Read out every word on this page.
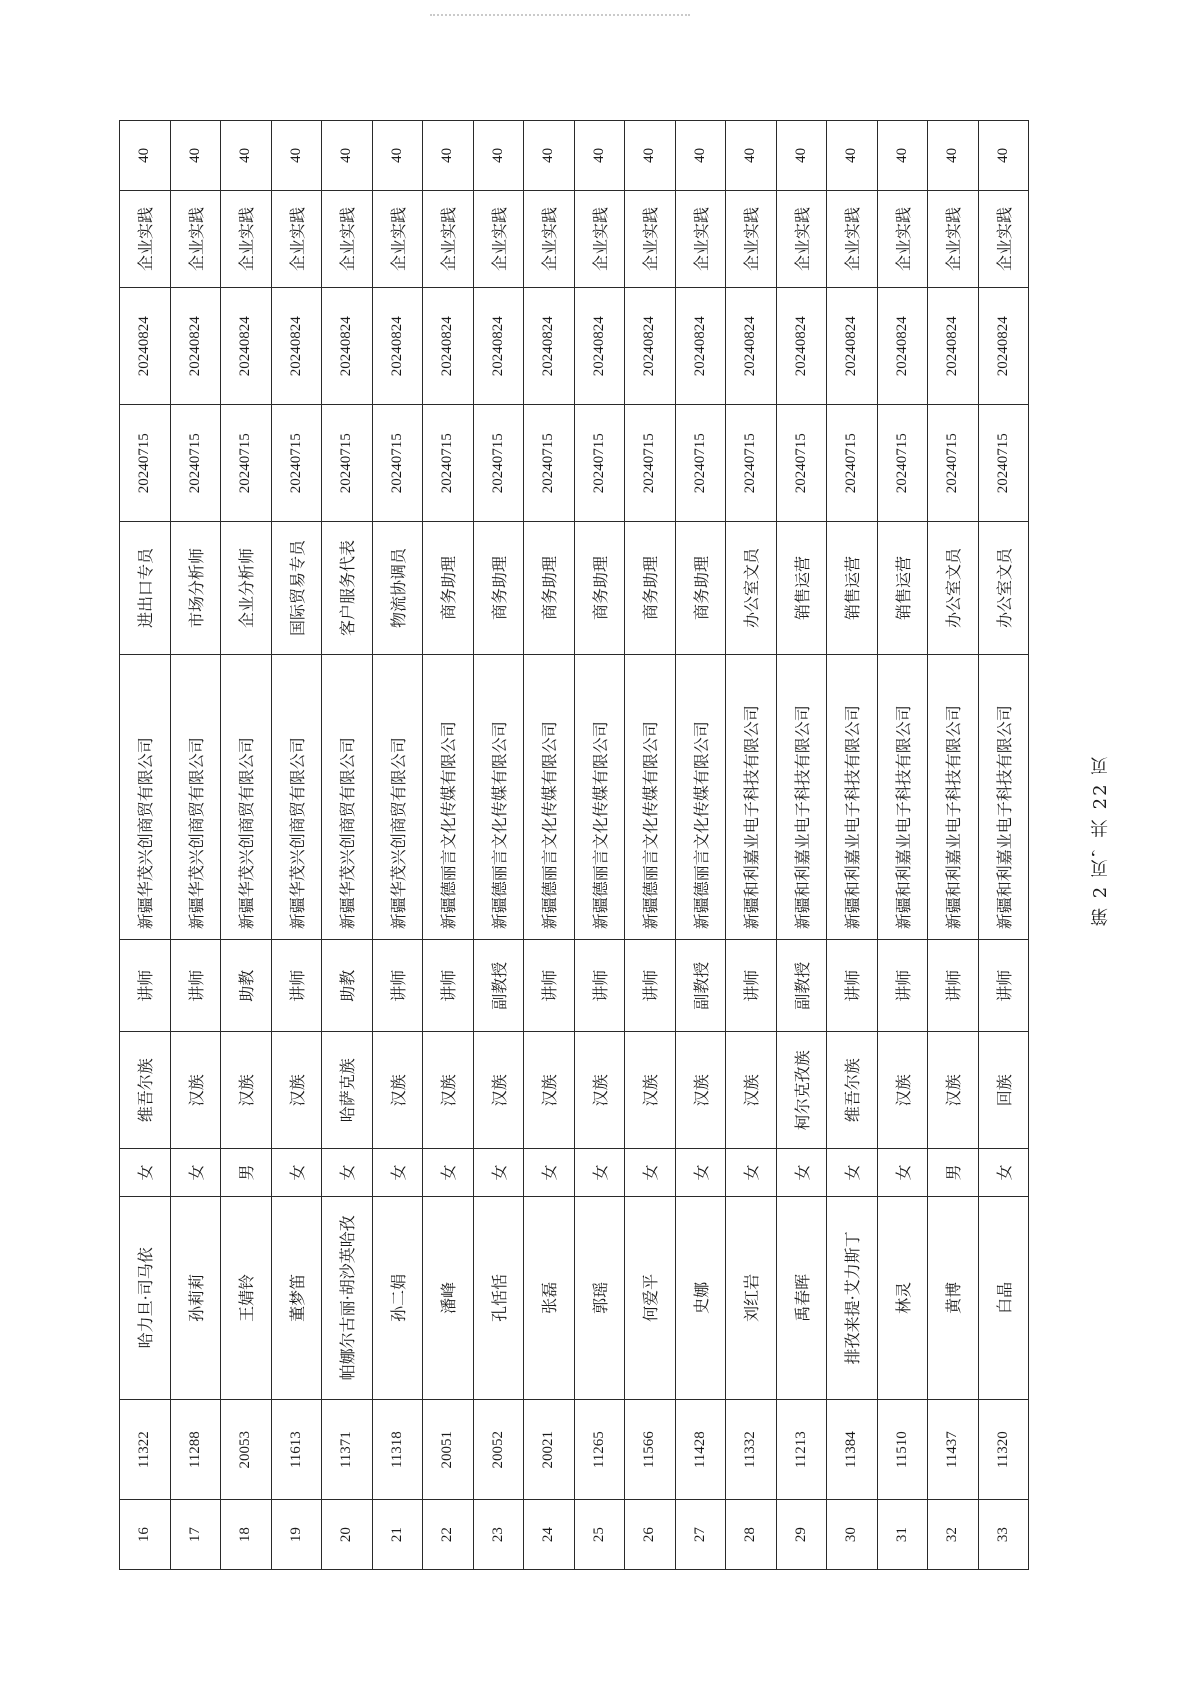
16	11322	哈力旦·司马依	女	维吾尔族	讲师	新疆华茂兴创商贸有限公司	进出口专员	20240715	20240824	企业实践	40
17	11288	孙莉莉	女	汉族	讲师	新疆华茂兴创商贸有限公司	市场分析师	20240715	20240824	企业实践	40
18	20053	王婧铃	男	汉族	助教	新疆华茂兴创商贸有限公司	企业分析师	20240715	20240824	企业实践	40
19	11613	董梦笛	女	汉族	讲师	新疆华茂兴创商贸有限公司	国际贸易专员	20240715	20240824	企业实践	40
20	11371	帕娜尔古丽·胡沙英哈孜	女	哈萨克族	助教	新疆华茂兴创商贸有限公司	客户服务代表	20240715	20240824	企业实践	40
21	11318	孙二娟	女	汉族	讲师	新疆华茂兴创商贸有限公司	物流协调员	20240715	20240824	企业实践	40
22	20051	潘峰	女	汉族	讲师	新疆德丽言文化传媒有限公司	商务助理	20240715	20240824	企业实践	40
23	20052	孔恬恬	女	汉族	副教授	新疆德丽言文化传媒有限公司	商务助理	20240715	20240824	企业实践	40
24	20021	张磊	女	汉族	讲师	新疆德丽言文化传媒有限公司	商务助理	20240715	20240824	企业实践	40
25	11265	郭瑶	女	汉族	讲师	新疆德丽言文化传媒有限公司	商务助理	20240715	20240824	企业实践	40
26	11566	何爱平	女	汉族	讲师	新疆德丽言文化传媒有限公司	商务助理	20240715	20240824	企业实践	40
27	11428	史娜	女	汉族	副教授	新疆德丽言文化传媒有限公司	商务助理	20240715	20240824	企业实践	40
28	11332	刘红岩	女	汉族	讲师	新疆和利嘉业电子科技有限公司	办公室文员	20240715	20240824	企业实践	40
29	11213	禹春晖	女	柯尔克孜族	副教授	新疆和利嘉业电子科技有限公司	销售运营	20240715	20240824	企业实践	40
30	11384	排孜来提·艾力斯丁	女	维吾尔族	讲师	新疆和利嘉业电子科技有限公司	销售运营	20240715	20240824	企业实践	40
31	11510	林灵	女	汉族	讲师	新疆和利嘉业电子科技有限公司	销售运营	20240715	20240824	企业实践	40
32	11437	黄博	男	汉族	讲师	新疆和利嘉业电子科技有限公司	办公室文员	20240715	20240824	企业实践	40
33	11320	白晶	女	回族	讲师	新疆和利嘉业电子科技有限公司	办公室文员	20240715	20240824	企业实践	40
第 2 页，共 22 页
